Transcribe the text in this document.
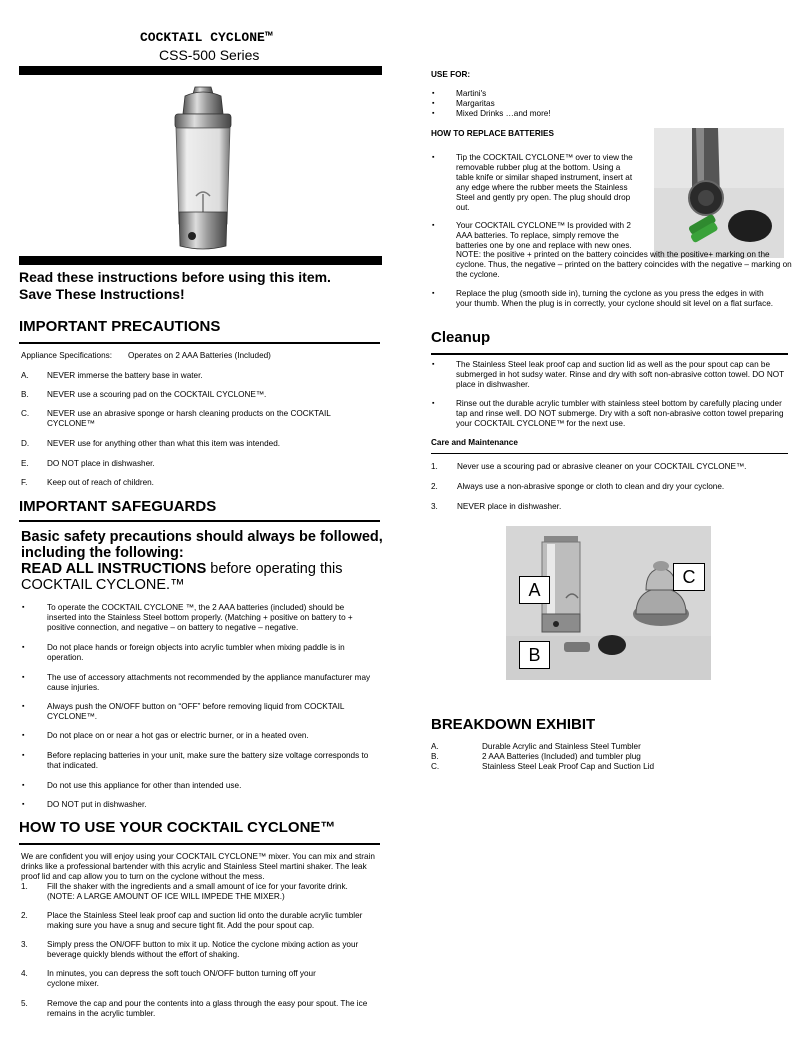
COCKTAIL CYCLONE™
CSS-500 Series
Read these instructions before using this item.
Save These Instructions!
IMPORTANT PRECAUTIONS
Appliance Specifications: Operates on 2 AAA Batteries (Included)
A. NEVER immerse the battery base in water.
B. NEVER use a scouring pad on the COCKTAIL CYCLONE™.
C. NEVER use an abrasive sponge or harsh cleaning products on the COCKTAIL CYCLONE™
D. NEVER use for anything other than what this item was intended.
E. DO NOT place in dishwasher.
F. Keep out of reach of children.
IMPORTANT SAFEGUARDS
Basic safety precautions should always be followed,
including the following:
READ ALL INSTRUCTIONS before operating this
COCKTAIL CYCLONE.™
▪	To operate the COCKTAIL CYCLONE ™, the 2 AAA batteries (included) should be inserted into the Stainless Steel bottom properly. (Matching + positive on battery to + positive connection, and negative – on battery to negative – negative.
▪	Do not place hands or foreign objects into acrylic tumbler when mixing paddle is in operation.
▪	The use of accessory attachments not recommended by the appliance manufacturer may cause injuries.
▪	Always push the ON/OFF button on “OFF” before removing liquid from COCKTAIL CYCLONE™.
▪	Do not place on or near a hot gas or electric burner, or in a heated oven.
▪	Before replacing batteries in your unit, make sure the battery size voltage corresponds to that indicated.
▪	Do not use this appliance for other than intended use.
▪	DO NOT put in dishwasher.
HOW TO USE YOUR COCKTAIL CYCLONE™
We are confident you will enjoy using your COCKTAIL CYCLONE™ mixer. You can mix and strain drinks like a professional bartender with this acrylic and Stainless Steel martini shaker. The leak proof lid and cap allow you to turn on the cyclone without the mess.
1. Fill the shaker with the ingredients and a small amount of ice for your favorite drink. (NOTE: A LARGE AMOUNT OF ICE WILL IMPEDE THE MIXER.)
2. Place the Stainless Steel leak proof cap and suction lid onto the durable acrylic tumbler making sure you have a snug and secure tight fit. Add the pour spout cap.
3. Simply press the ON/OFF button to mix it up. Notice the cyclone mixing action as your beverage quickly blends without the effort of shaking.
4. In minutes, you can depress the soft touch ON/OFF button turning off your cyclone mixer.
5. Remove the cap and pour the contents into a glass through the easy pour spout. The ice remains in the acrylic tumbler.
USE FOR:
▪	Martini's
▪	Margaritas
▪	Mixed Drinks …and more!
HOW TO REPLACE BATTERIES
▪	Tip the COCKTAIL CYCLONE™ over to view the removable rubber plug at the bottom. Using a table knife or similar shaped instrument, insert at any edge where the rubber meets the Stainless Steel and gently pry open. The plug should drop out.
▪	Your COCKTAIL CYCLONE™ Is provided with 2 AAA batteries. To replace, simply remove the batteries one by one and replace with new ones.
NOTE: the positive + printed on the battery coincides with the positive+ marking on the cyclone. Thus, the negative – printed on the battery coincides with the negative – marking on the cyclone.
▪	Replace the plug (smooth side in), turning the cyclone as you press the edges in with your thumb. When the plug is in correctly, your cyclone should sit level on a flat surface.
Cleanup
▪	The Stainless Steel leak proof cap and suction lid as well as the pour spout cap can be submerged in hot sudsy water. Rinse and dry with soft non-abrasive cotton towel. DO NOT place in dishwasher.
▪	Rinse out the durable acrylic tumbler with stainless steel bottom by carefully placing under tap and rinse well. DO NOT submerge. Dry with a soft non-abrasive cotton towel preparing your COCKTAIL CYCLONE™ for the next use.
Care and Maintenance
1. Never use a scouring pad or abrasive cleaner on your COCKTAIL CYCLONE™.
2. Always use a non-abrasive sponge or cloth to clean and dry your cyclone.
3. NEVER place in dishwasher.
A
B
C
BREAKDOWN EXHIBIT
A.	Durable Acrylic and Stainless Steel Tumbler
B.	2 AAA Batteries (Included) and tumbler plug
C.	Stainless Steel Leak Proof Cap and Suction Lid
